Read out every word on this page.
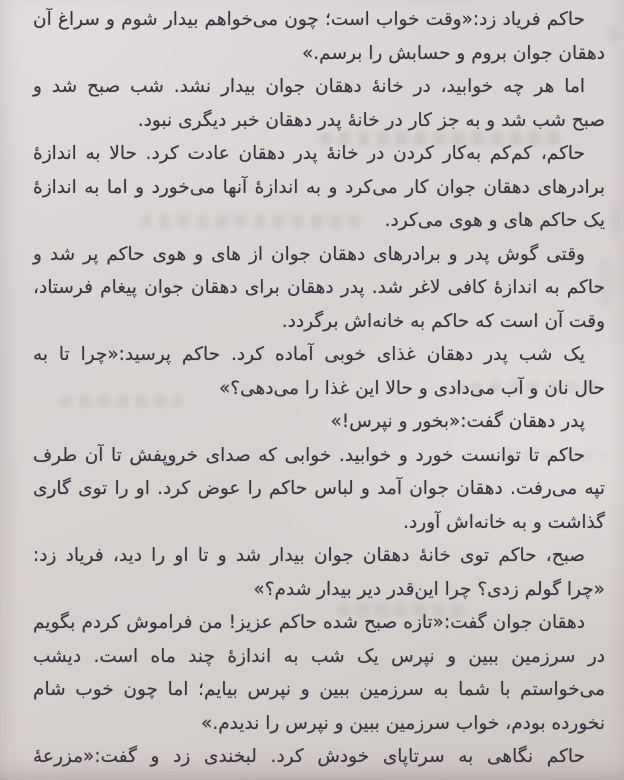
حاکم فریاد زد:«وقت خواب است؛ چون می‌خواهم بیدار شوم و سراغ آن
دهقان جوان بروم و حسابش را برسم.»
اما هر چه خوابید، در خانهٔ دهقان جوان بیدار نشد. شب صبح شد و
صبح شب شد و به جز کار در خانهٔ پدر دهقان خبر دیگری نبود.
حاکم، کم‌کم به‌کار کردن در خانهٔ پدر دهقان عادت کرد. حالا به اندازهٔ
برادرهای دهقان جوان کار می‌کرد و به اندازهٔ آنها می‌خورد و اما به اندازهٔ
یک حاکم های و هوی می‌کرد.
وقتی گوش پدر و برادرهای دهقان جوان از های و هوی حاکم پر شد و
حاکم به اندازهٔ کافی لاغر شد. پدر دهقان برای دهقان جوان پیغام فرستاد،
وقت آن است که حاکم به خانه‌اش برگردد.
یک شب پدر دهقان غذای خوبی آماده کرد. حاکم پرسید:«چرا تا به
حال نان و آب می‌دادی و حالا این غذا را می‌دهی؟»
پدر دهقان گفت:«بخور و نپرس!»
حاکم تا توانست خورد و خوابید. خوابی که صدای خروپفش تا آن طرف
تپه می‌رفت. دهقان جوان آمد و لباس حاکم را عوض کرد. او را توی گاری
گذاشت و به خانه‌اش آورد.
صبح، حاکم توی خانهٔ دهقان جوان بیدار شد و تا او را دید، فریاد زد:
«چرا گولم زدی؟ چرا این‌قدر دیر بیدار شدم؟»
دهقان جوان گفت:«تازه صبح شده حاکم عزیز! من فراموش کردم بگویم
در سرزمین ببین و نپرس یک شب به اندازهٔ چند ماه است. دیشب
می‌خواستم با شما به سرزمین ببین و نپرس بیایم؛ اما چون خوب شام
نخورده بودم، خواب سرزمین ببین و نپرس را ندیدم.»
حاکم نگاهی به سرتاپای خودش کرد. لبخندی زد و گفت:«مزرعهٔ
